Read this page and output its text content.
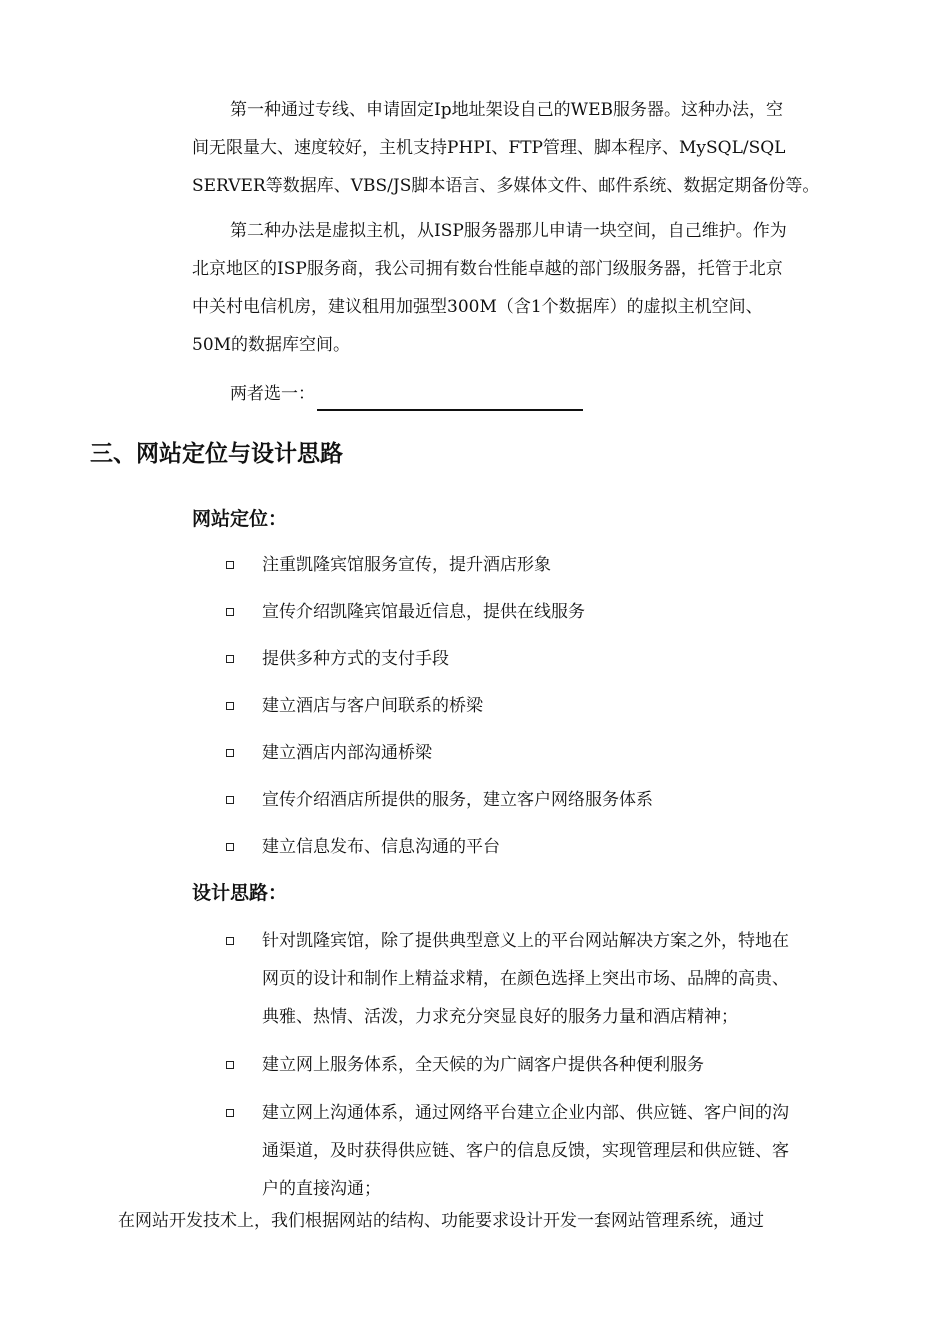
第一种通过专线、申请固定Ip地址架设自己的WEB服务器。这种办法，空
间无限量大、速度较好，主机支持PHPI、FTP管理、脚本程序、MySQL/SQL
SERVER等数据库、VBS/JS脚本语言、多媒体文件、邮件系统、数据定期备份等。
第二种办法是虚拟主机，从ISP服务器那儿申请一块空间，自己维护。作为
北京地区的ISP服务商，我公司拥有数台性能卓越的部门级服务器，托管于北京
中关村电信机房，建议租用加强型300M（含1个数据库）的虚拟主机空间、
50M的数据库空间。
两者选一：
三、网站定位与设计思路
网站定位：
注重凯隆宾馆服务宣传，提升酒店形象
宣传介绍凯隆宾馆最近信息，提供在线服务
提供多种方式的支付手段
建立酒店与客户间联系的桥梁
建立酒店内部沟通桥梁
宣传介绍酒店所提供的服务，建立客户网络服务体系
建立信息发布、信息沟通的平台
设计思路：
针对凯隆宾馆，除了提供典型意义上的平台网站解决方案之外，特地在
网页的设计和制作上精益求精，在颜色选择上突出市场、品牌的高贵、
典雅、热情、活泼，力求充分突显良好的服务力量和酒店精神；
建立网上服务体系，全天候的为广阔客户提供各种便利服务
建立网上沟通体系，通过网络平台建立企业内部、供应链、客户间的沟
通渠道，及时获得供应链、客户的信息反馈，实现管理层和供应链、客
户的直接沟通；
在网站开发技术上，我们根据网站的结构、功能要求设计开发一套网站管理系统，通过
